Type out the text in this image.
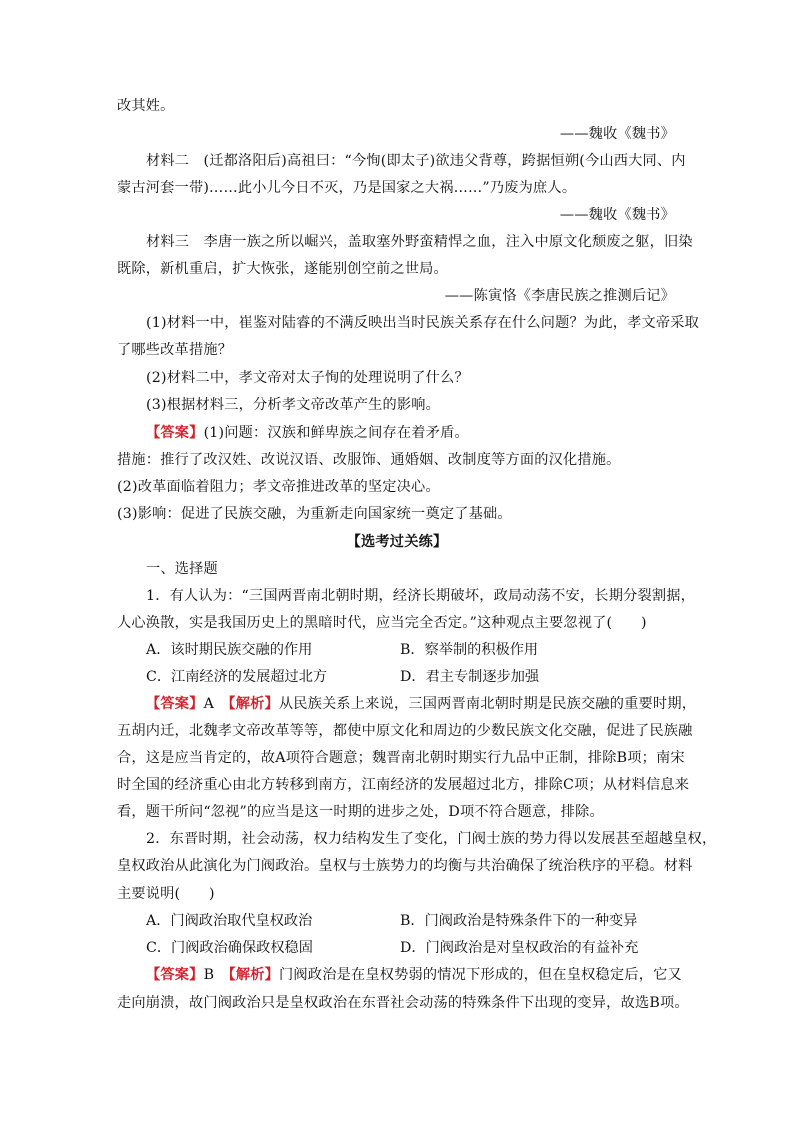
改其姓。
——魏收《魏书》
材料二　(迁都洛阳后)高祖曰：“今恂(即太子)欲违父背尊，跨据恒朔(今山西大同、内
蒙古河套一带)……此小儿今日不灭，乃是国家之大祸……”乃废为庶人。
——魏收《魏书》
材料三　李唐一族之所以崛兴，盖取塞外野蛮精悍之血，注入中原文化颓废之躯，旧染
既除，新机重启，扩大恢张，遂能别创空前之世局。
——陈寅恪《李唐民族之推测后记》
(1)材料一中，崔鉴对陆睿的不满反映出当时民族关系存在什么问题？为此，孝文帝采取
了哪些改革措施？
(2)材料二中，孝文帝对太子恂的处理说明了什么？
(3)根据材料三，分析孝文帝改革产生的影响。
【答案】(1)问题：汉族和鲜卑族之间存在着矛盾。
措施：推行了改汉姓、改说汉语、改服饰、通婚姻、改制度等方面的汉化措施。
(2)改革面临着阻力；孝文帝推进改革的坚定决心。
(3)影响：促进了民族交融，为重新走向国家统一奠定了基础。
【选考过关练】
一、选择题
1．有人认为：“三国两晋南北朝时期，经济长期破坏，政局动荡不安，长期分裂割据，
人心涣散，实是我国历史上的黑暗时代，应当完全否定。”这种观点主要忽视了(　　)
A．该时期民族交融的作用	B．察举制的积极作用
C．江南经济的发展超过北方	D．君主专制逐步加强
【答案】A　【解析】从民族关系上来说，三国两晋南北朝时期是民族交融的重要时期，
五胡内迁，北魏孝文帝改革等等，都使中原文化和周边的少数民族文化交融，促进了民族融
合，这是应当肯定的，故A项符合题意；魏晋南北朝时期实行九品中正制，排除B项；南宋
时全国的经济重心由北方转移到南方，江南经济的发展超过北方，排除C项；从材料信息来
看，题干所问“忽视”的应当是这一时期的进步之处，D项不符合题意，排除。
2．东晋时期，社会动荡，权力结构发生了变化，门阀士族的势力得以发展甚至超越皇权，
皇权政治从此演化为门阀政治。皇权与士族势力的均衡与共治确保了统治秩序的平稳。材料
主要说明(　　)
A．门阀政治取代皇权政治	B．门阀政治是特殊条件下的一种变异
C．门阀政治确保政权稳固	D．门阀政治是对皇权政治的有益补充
【答案】B　【解析】门阀政治是在皇权势弱的情况下形成的，但在皇权稳定后，它又
走向崩溃，故门阀政治只是皇权政治在东晋社会动荡的特殊条件下出现的变异，故选B项。
